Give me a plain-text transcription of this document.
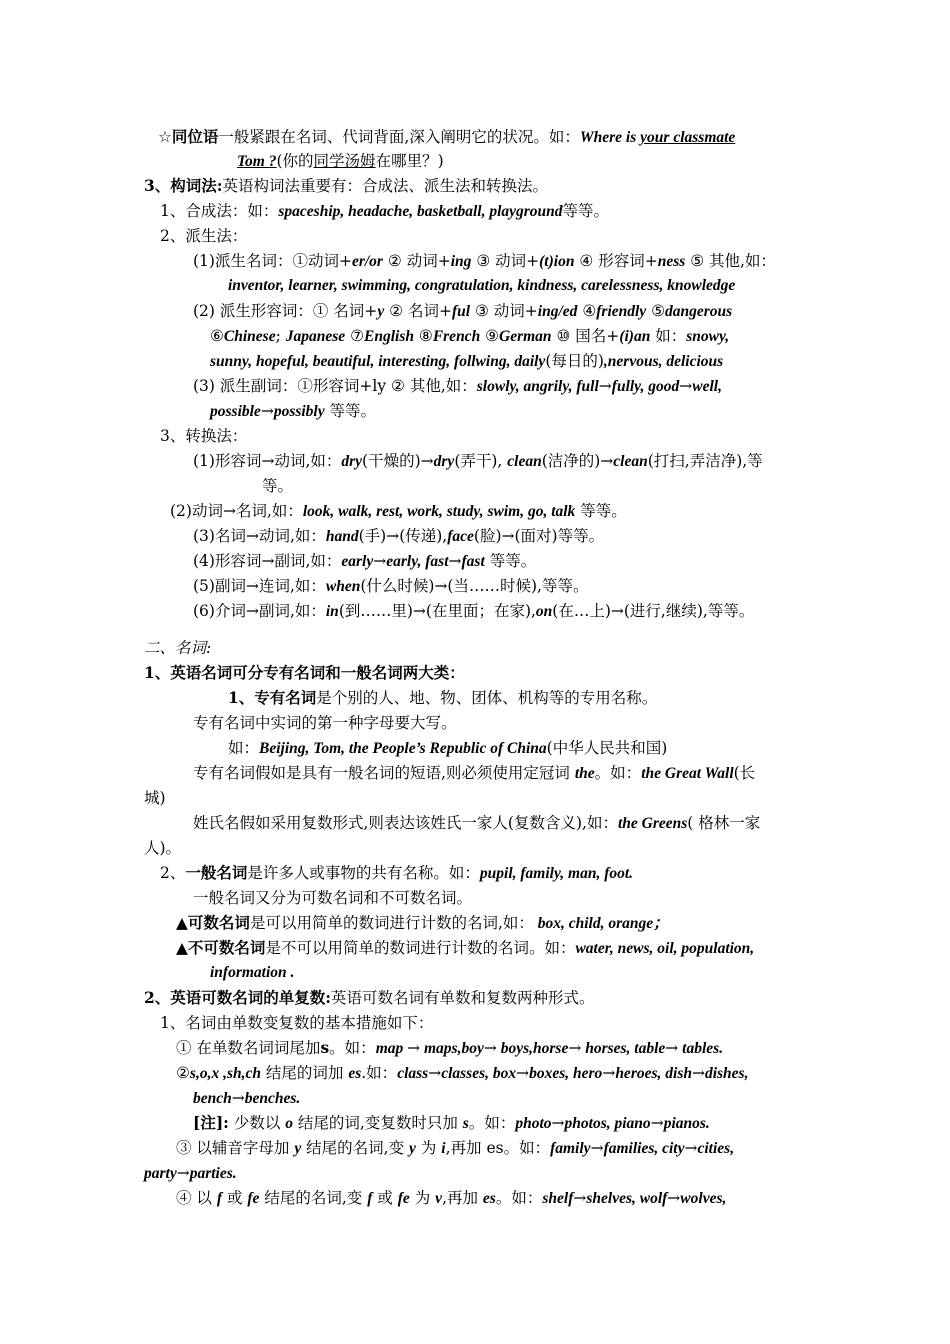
☆同位语一般紧跟在名词、代词背面,深入阐明它的状况。如：Where is your classmate
Tom ?(你的同学汤姆在哪里？)
3、构词法:英语构词法重要有：合成法、派生法和转换法。
1、合成法：如：spaceship, headache, basketball, playground等等。
2、派生法：
(1)派生名词：①动词+er/or ② 动词+ing ③ 动词+(t)ion ④ 形容词+ness ⑤ 其他,如：
inventor, learner, swimming, congratulation, kindness, carelessness, knowledge
(2) 派生形容词：① 名词+y ② 名词+ful ③ 动词+ing/ed ④friendly ⑤dangerous
⑥Chinese; Japanese ⑦English ⑧French ⑨German ⑩ 国名+(i)an 如：snowy,
sunny, hopeful, beautiful, interesting, follwing, daily(每日的),nervous, delicious
(3) 派生副词：①形容词+ly ② 其他,如：slowly, angrily, full→fully, good→well,
possible→possibly 等等。
3、转换法：
(1)形容词→动词,如：dry(干燥的)→dry(弄干), clean(洁净的)→clean(打扫,弄洁净),等
等。
(2)动词→名词,如：look, walk, rest, work, study, swim, go, talk 等等。
(3)名词→动词,如：hand(手)→(传递),face(脸)→(面对)等等。
(4)形容词→副词,如：early→early, fast→fast 等等。
(5)副词→连词,如：when(什么时候)→(当……时候),等等。
(6)介词→副词,如：in(到……里)→(在里面；在家),on(在…上)→(进行,继续),等等。
二、名词:
1、英语名词可分专有名词和一般名词两大类：
1、专有名词是个别的人、地、物、团体、机构等的专用名称。
专有名词中实词的第一种字母要大写。
如：Beijing, Tom, the People’s Republic of China(中华人民共和国)
专有名词假如是具有一般名词的短语,则必须使用定冠词 the。如：the Great Wall(长
城)
姓氏名假如采用复数形式,则表达该姓氏一家人(复数含义),如：the Greens( 格林一家
人)。
2、一般名词是许多人或事物的共有名称。如：pupil, family, man, foot.
一般名词又分为可数名词和不可数名词。
▲可数名词是可以用简单的数词进行计数的名词,如： box, child, orange；
▲不可数名词是不可以用简单的数词进行计数的名词。如：water, news, oil, population,
information .
2、英语可数名词的单复数:英语可数名词有单数和复数两种形式。
1、名词由单数变复数的基本措施如下：
① 在单数名词词尾加s。如：map → maps,boy→ boys,horse→ horses, table→ tables.
②s,o,x ,sh,ch 结尾的词加 es.如：class→classes, box→boxes, hero→heroes, dish→dishes,
bench→benches.
[注]: 少数以 o 结尾的词,变复数时只加 s。如：photo→photos, piano→pianos.
③ 以辅音字母加 y 结尾的名词,变 y 为 i,再加 es。如：family→families, city→cities,
party→parties.
④ 以 f 或 fe 结尾的名词,变 f 或 fe 为 v,再加 es。如：shelf→shelves, wolf→wolves,
